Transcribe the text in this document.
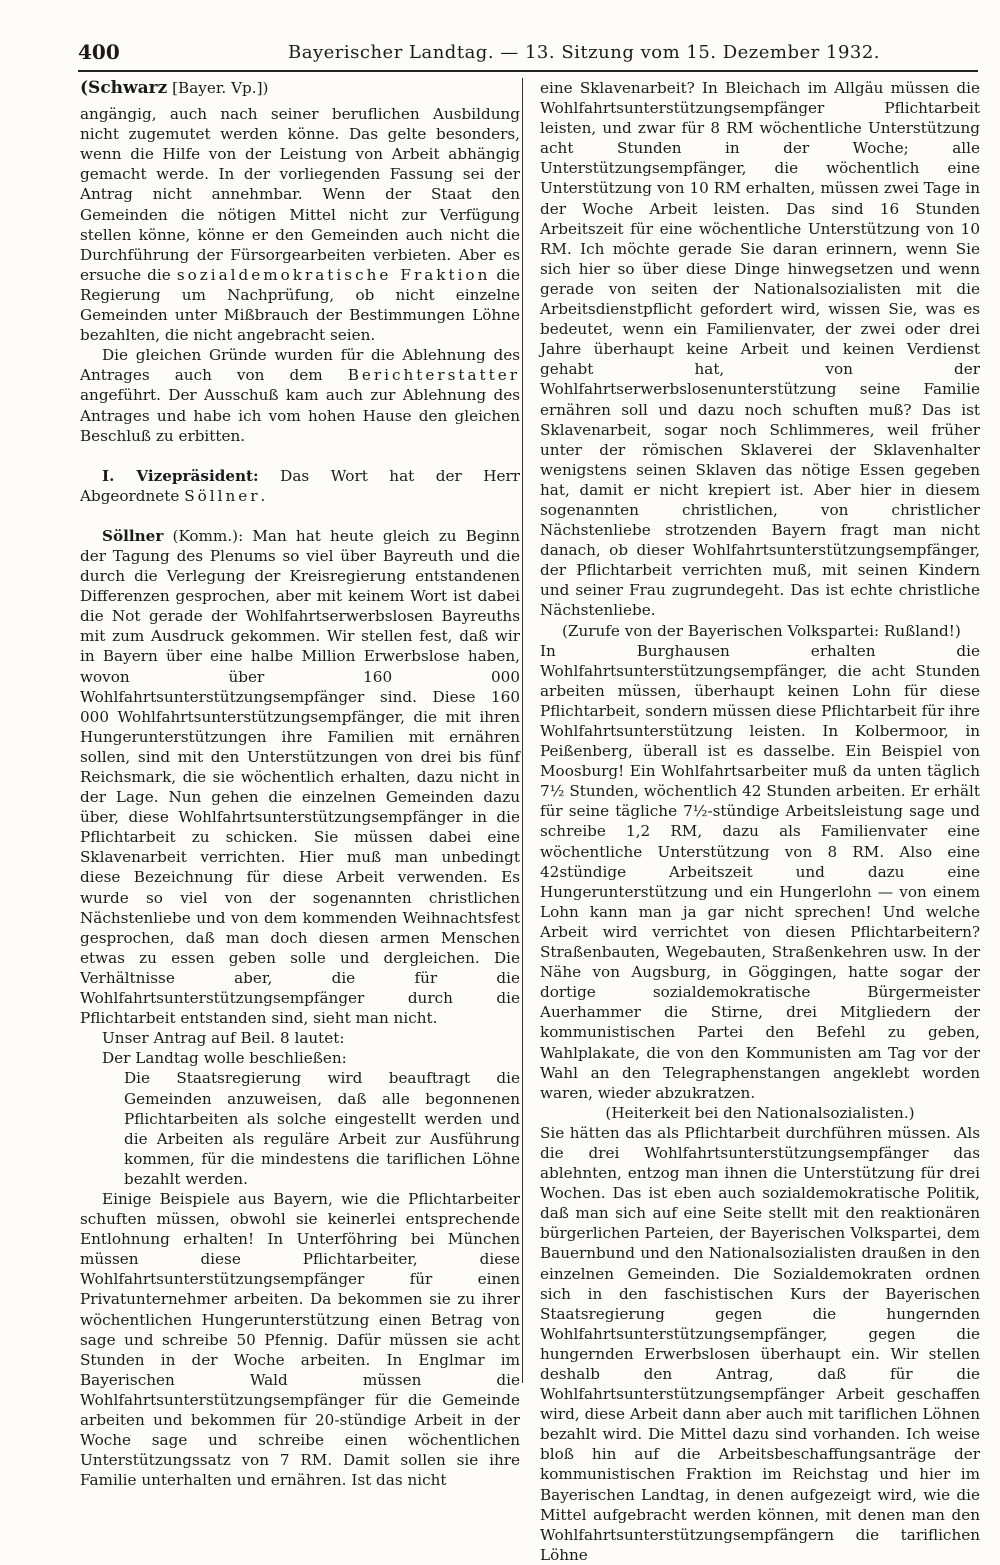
400	Bayerischer Landtag. — 13. Sitzung vom 15. Dezember 1932.

(Schwarz [Bayer. Vp.])

angängig, auch nach seiner beruflichen Ausbildung nicht zugemutet werden könne. Das gelte besonders, wenn die Hilfe von der Leistung von Arbeit abhängig gemacht werde. In der vorliegenden Fassung sei der Antrag nicht annehmbar. Wenn der Staat den Gemeinden die nötigen Mittel nicht zur Verfügung stellen könne, könne er den Gemeinden auch nicht die Durchführung der Fürsorgearbeiten verbieten. Aber es ersuche die sozialdemokratische Fraktion die Regierung um Nachprüfung, ob nicht einzelne Gemeinden unter Mißbrauch der Bestimmungen Löhne bezahlten, die nicht angebracht seien.

Die gleichen Gründe wurden für die Ablehnung des Antrages auch von dem Berichterstatter angeführt. Der Ausschuß kam auch zur Ablehnung des Antrages und habe ich vom hohen Hause den gleichen Beschluß zu erbitten.

I. Vizepräsident: Das Wort hat der Herr Abgeordnete Söllner.

Söllner (Komm.): Man hat heute gleich zu Beginn der Tagung des Plenums so viel über Bayreuth und die durch die Verlegung der Kreisregierung entstandenen Differenzen gesprochen, aber mit keinem Wort ist dabei die Not gerade der Wohlfahrtserwerbslosen Bayreuths mit zum Ausdruck gekommen. Wir stellen fest, daß wir in Bayern über eine halbe Million Erwerbslose haben, wovon über 160 000 Wohlfahrtsunterstützungsempfänger sind. Diese 160 000 Wohlfahrtsunterstützungsempfänger, die mit ihren Hungerunterstützungen ihre Familien mit ernähren sollen, sind mit den Unterstützungen von drei bis fünf Reichsmark, die sie wöchentlich erhalten, dazu nicht in der Lage. Nun gehen die einzelnen Gemeinden dazu über, diese Wohlfahrtsunterstützungsempfänger in die Pflichtarbeit zu schicken. Sie müssen dabei eine Sklavenarbeit verrichten. Hier muß man unbedingt diese Bezeichnung für diese Arbeit verwenden. Es wurde so viel von der sogenannten christlichen Nächstenliebe und von dem kommenden Weihnachtsfest gesprochen, daß man doch diesen armen Menschen etwas zu essen geben solle und dergleichen. Die Verhältnisse aber, die für die Wohlfahrtsunterstützungsempfänger durch die Pflichtarbeit entstanden sind, sieht man nicht.

Unser Antrag auf Beil. 8 lautet:

Der Landtag wolle beschließen:

Die Staatsregierung wird beauftragt die Gemeinden anzuweisen, daß alle begonnenen Pflichtarbeiten als solche eingestellt werden und die Arbeiten als reguläre Arbeit zur Ausführung kommen, für die mindestens die tariflichen Löhne bezahlt werden.

Einige Beispiele aus Bayern, wie die Pflichtarbeiter schuften müssen, obwohl sie keinerlei entsprechende Entlohnung erhalten! In Unterföhring bei München müssen diese Pflichtarbeiter, diese Wohlfahrtsunterstützungsempfänger für einen Privatunternehmer arbeiten. Da bekommen sie zu ihrer wöchentlichen Hungerunterstützung einen Betrag von sage und schreibe 50 Pfennig. Dafür müssen sie acht Stunden in der Woche arbeiten. In Englmar im Bayerischen Wald müssen die Wohlfahrtsunterstützungsempfänger für die Gemeinde arbeiten und bekommen für 20-stündige Arbeit in der Woche sage und schreibe einen wöchentlichen Unterstützungssatz von 7 RM. Damit sollen sie ihre Familie unterhalten und ernähren. Ist das nicht

eine Sklavenarbeit? In Bleichach im Allgäu müssen die Wohlfahrtsunterstützungsempfänger Pflichtarbeit leisten, und zwar für 8 RM wöchentliche Unterstützung acht Stunden in der Woche; alle Unterstützungsempfänger, die wöchentlich eine Unterstützung von 10 RM erhalten, müssen zwei Tage in der Woche Arbeit leisten. Das sind 16 Stunden Arbeitszeit für eine wöchentliche Unterstützung von 10 RM. Ich möchte gerade Sie daran erinnern, wenn Sie sich hier so über diese Dinge hinwegsetzen und wenn gerade von seiten der Nationalsozialisten mit die Arbeitsdienstpflicht gefordert wird, wissen Sie, was es bedeutet, wenn ein Familienvater, der zwei oder drei Jahre überhaupt keine Arbeit und keinen Verdienst gehabt hat, von der Wohlfahrtserwerbslosenunterstützung seine Familie ernähren soll und dazu noch schuften muß? Das ist Sklavenarbeit, sogar noch Schlimmeres, weil früher unter der römischen Sklaverei der Sklavenhalter wenigstens seinen Sklaven das nötige Essen gegeben hat, damit er nicht krepiert ist. Aber hier in diesem sogenannten christlichen, von christlicher Nächstenliebe strotzenden Bayern fragt man nicht danach, ob dieser Wohlfahrtsunterstützungsempfänger, der Pflichtarbeit verrichten muß, mit seinen Kindern und seiner Frau zugrundegeht. Das ist echte christliche Nächstenliebe.

(Zurufe von der Bayerischen Volkspartei: Rußland!)

In Burghausen erhalten die Wohlfahrtsunterstützungsempfänger, die acht Stunden arbeiten müssen, überhaupt keinen Lohn für diese Pflichtarbeit, sondern müssen diese Pflichtarbeit für ihre Wohlfahrtsunterstützung leisten. In Kolbermoor, in Peißenberg, überall ist es dasselbe. Ein Beispiel von Moosburg! Ein Wohlfahrtsarbeiter muß da unten täglich 7½ Stunden, wöchentlich 42 Stunden arbeiten. Er erhält für seine tägliche 7½-stündige Arbeitsleistung sage und schreibe 1,2 RM, dazu als Familienvater eine wöchentliche Unterstützung von 8 RM. Also eine 42stündige Arbeitszeit und dazu eine Hungerunterstützung und ein Hungerlohn — von einem Lohn kann man ja gar nicht sprechen! Und welche Arbeit wird verrichtet von diesen Pflichtarbeitern? Straßenbauten, Wegebauten, Straßenkehren usw. In der Nähe von Augsburg, in Göggingen, hatte sogar der dortige sozialdemokratische Bürgermeister Auerhammer die Stirne, drei Mitgliedern der kommunistischen Partei den Befehl zu geben, Wahlplakate, die von den Kommunisten am Tag vor der Wahl an den Telegraphenstangen angeklebt worden waren, wieder abzukratzen.

(Heiterkeit bei den Nationalsozialisten.)

Sie hätten das als Pflichtarbeit durchführen müssen. Als die drei Wohlfahrtsunterstützungsempfänger das ablehnten, entzog man ihnen die Unterstützung für drei Wochen. Das ist eben auch sozialdemokratische Politik, daß man sich auf eine Seite stellt mit den reaktionären bürgerlichen Parteien, der Bayerischen Volkspartei, dem Bauernbund und den Nationalsozialisten draußen in den einzelnen Gemeinden. Die Sozialdemokraten ordnen sich in den faschistischen Kurs der Bayerischen Staatsregierung gegen die hungernden Wohlfahrtsunterstützungsempfänger, gegen die hungernden Erwerbslosen überhaupt ein. Wir stellen deshalb den Antrag, daß für die Wohlfahrtsunterstützungsempfänger Arbeit geschaffen wird, diese Arbeit dann aber auch mit tariflichen Löhnen bezahlt wird. Die Mittel dazu sind vorhanden. Ich weise bloß hin auf die Arbeitsbeschaffungsanträge der kommunistischen Fraktion im Reichstag und hier im Bayerischen Landtag, in denen aufgezeigt wird, wie die Mittel aufgebracht werden können, mit denen man den Wohlfahrtsunterstützungsempfängern die tariflichen Löhne
